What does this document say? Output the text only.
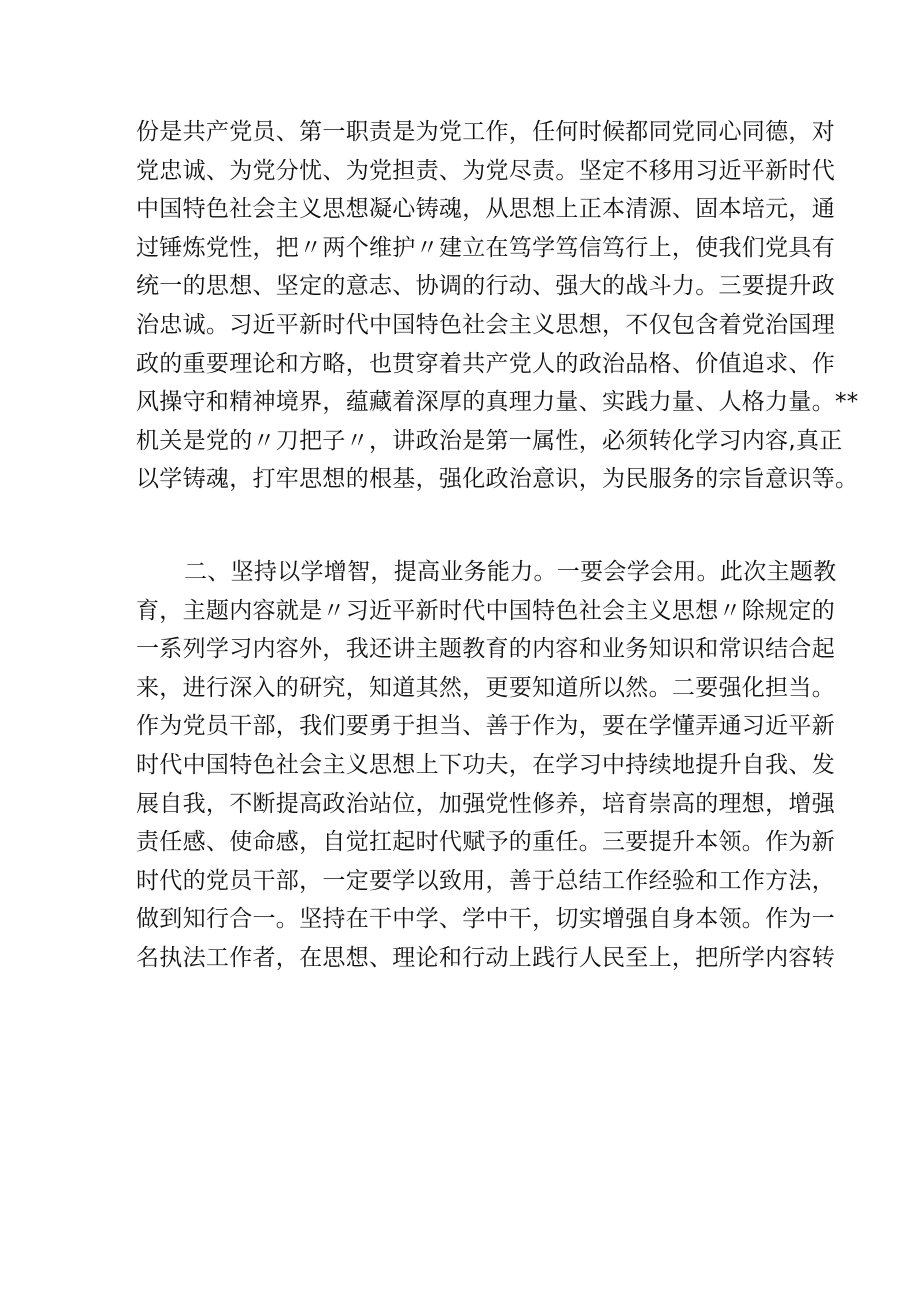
份是共产党员、第一职责是为党工作，任何时候都同党同心同德，对
党忠诚、为党分忧、为党担责、为党尽责。坚定不移用习近平新时代
中国特色社会主义思想凝心铸魂，从思想上正本清源、固本培元，通
过锤炼党性，把〃两个维护〃建立在笃学笃信笃行上，使我们党具有
统一的思想、坚定的意志、协调的行动、强大的战斗力。三要提升政
治忠诚。习近平新时代中国特色社会主义思想，不仅包含着党治国理
政的重要理论和方略，也贯穿着共产党人的政治品格、价值追求、作
风操守和精神境界，蕴藏着深厚的真理力量、实践力量、人格力量。**
机关是党的〃刀把子〃，讲政治是第一属性，必须转化学习内容,真正
以学铸魂，打牢思想的根基，强化政治意识，为民服务的宗旨意识等。
二、坚持以学增智，提高业务能力。一要会学会用。此次主题教
育，主题内容就是〃习近平新时代中国特色社会主义思想〃除规定的
一系列学习内容外，我还讲主题教育的内容和业务知识和常识结合起
来，进行深入的研究，知道其然，更要知道所以然。二要强化担当。
作为党员干部，我们要勇于担当、善于作为，要在学懂弄通习近平新
时代中国特色社会主义思想上下功夫，在学习中持续地提升自我、发
展自我，不断提高政治站位，加强党性修养，培育崇高的理想，增强
责任感、使命感，自觉扛起时代赋予的重任。三要提升本领。作为新
时代的党员干部，一定要学以致用，善于总结工作经验和工作方法，
做到知行合一。坚持在干中学、学中干，切实增强自身本领。作为一
名执法工作者，在思想、理论和行动上践行人民至上，把所学内容转
